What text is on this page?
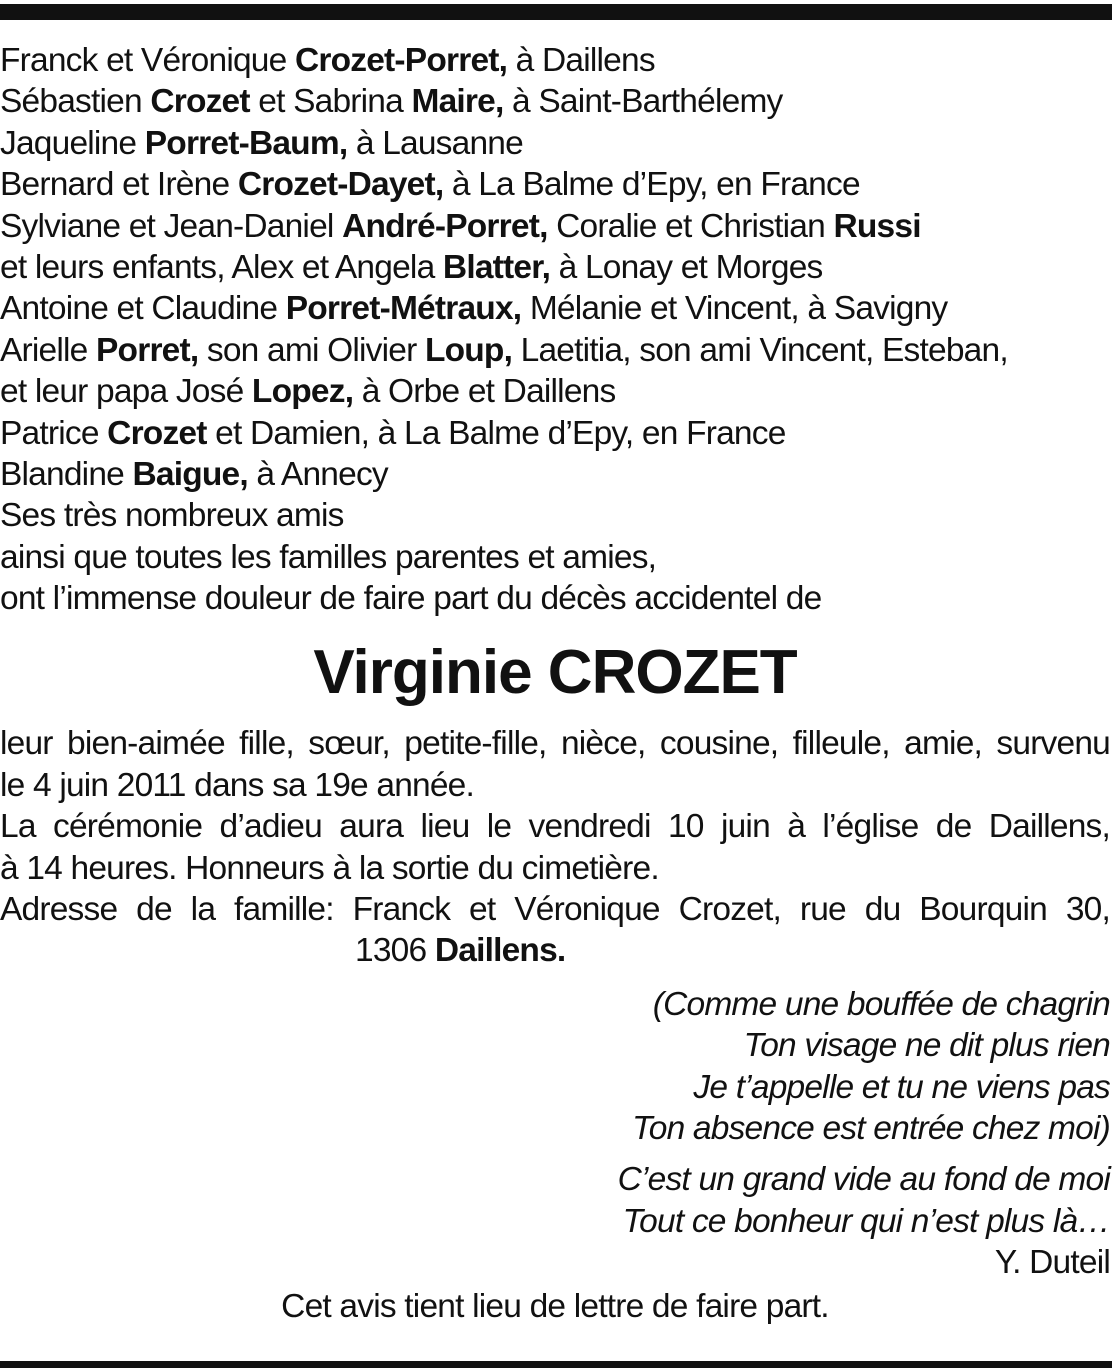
Franck et Véronique Crozet-Porret, à Daillens
Sébastien Crozet et Sabrina Maire, à Saint-Barthélemy
Jaqueline Porret-Baum, à Lausanne
Bernard et Irène Crozet-Dayet, à La Balme d’Epy, en France
Sylviane et Jean-Daniel André-Porret, Coralie et Christian Russi
et leurs enfants, Alex et Angela Blatter, à Lonay et Morges
Antoine et Claudine Porret-Métraux, Mélanie et Vincent, à Savigny
Arielle Porret, son ami Olivier Loup, Laetitia, son ami Vincent, Esteban,
et leur papa José Lopez, à Orbe et Daillens
Patrice Crozet et Damien, à La Balme d’Epy, en France
Blandine Baigue, à Annecy
Ses très nombreux amis
ainsi que toutes les familles parentes et amies,
ont l’immense douleur de faire part du décès accidentel de
Virginie CROZET
leur bien-aimée fille, sœur, petite-fille, nièce, cousine, filleule, amie, survenu
le 4 juin 2011 dans sa 19e année.
La cérémonie d’adieu aura lieu le vendredi 10 juin à l’église de Daillens,
à 14 heures. Honneurs à la sortie du cimetière.
Adresse de la famille: Franck et Véronique Crozet, rue du Bourquin 30,
1306 Daillens.
(Comme une bouffée de chagrin
Ton visage ne dit plus rien
Je t’appelle et tu ne viens pas
Ton absence est entrée chez moi)
C’est un grand vide au fond de moi
Tout ce bonheur qui n’est plus là…
Y. Duteil
Cet avis tient lieu de lettre de faire part.
